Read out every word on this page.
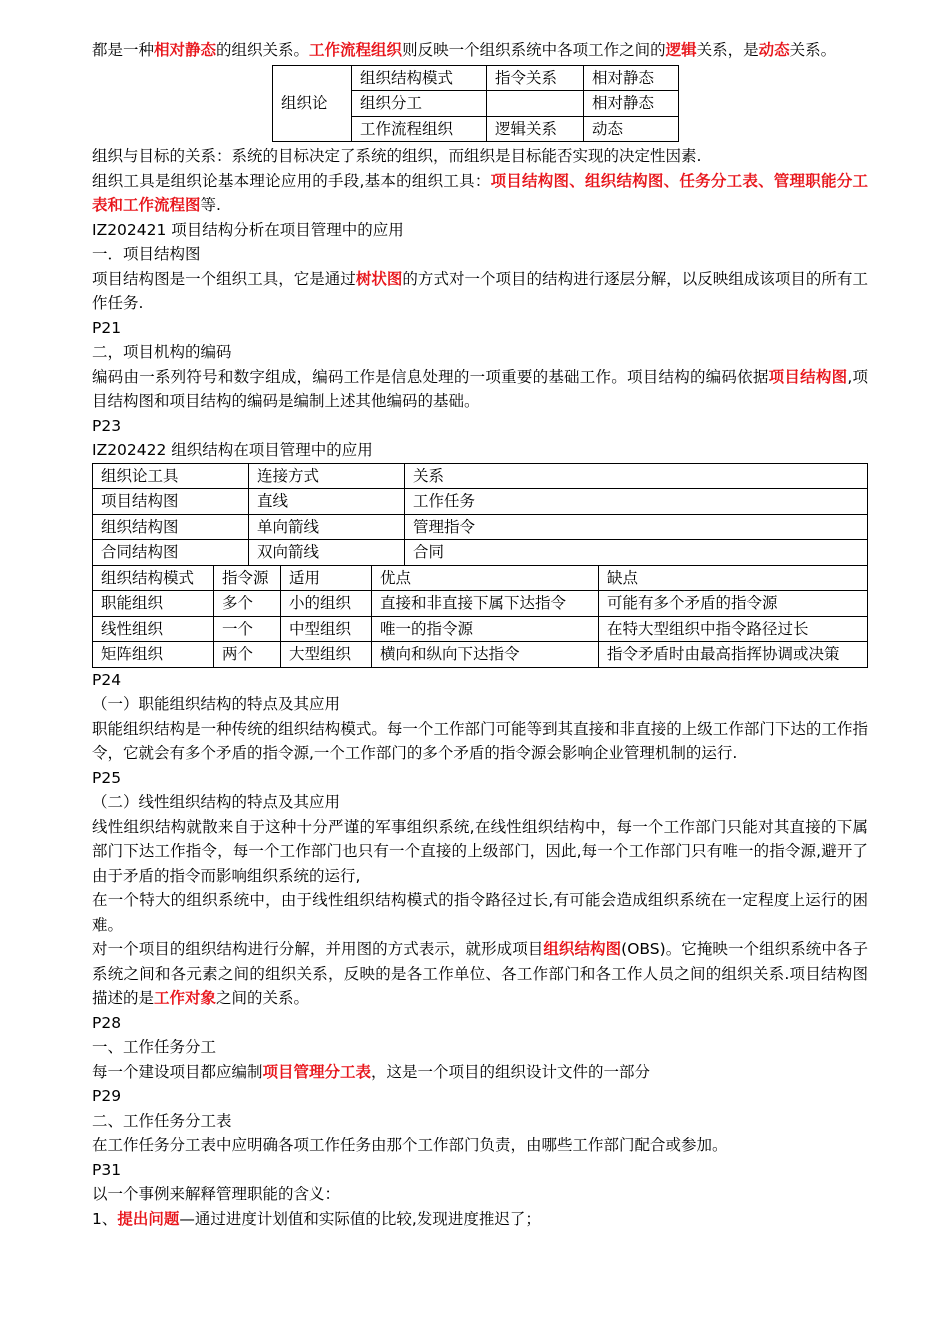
都是一种相对静态的组织关系。工作流程组织则反映一个组织系统中各项工作之间的逻辑关系，是动态关系。

组织论	组织结构模式	指令关系	相对静态
	组织分工		相对静态
	工作流程组织	逻辑关系	动态

组织与目标的关系：系统的目标决定了系统的组织，而组织是目标能否实现的决定性因素.

组织工具是组织论基本理论应用的手段,基本的组织工具：项目结构图、组织结构图、任务分工表、管理职能分工表和工作流程图等.

IZ202421 项目结构分析在项目管理中的应用

一．项目结构图

项目结构图是一个组织工具，它是通过树状图的方式对一个项目的结构进行逐层分解，以反映组成该项目的所有工作任务.

P21

二，项目机构的编码

编码由一系列符号和数字组成，编码工作是信息处理的一项重要的基础工作。项目结构的编码依据项目结构图,项目结构图和项目结构的编码是编制上述其他编码的基础。

P23

IZ202422 组织结构在项目管理中的应用

组织论工具	连接方式	关系
项目结构图	直线	工作任务
组织结构图	单向箭线	管理指令
合同结构图	双向箭线	合同
组织结构模式	指令源	适用	优点	缺点
职能组织	多个	小的组织	直接和非直接下属下达指令	可能有多个矛盾的指令源
线性组织	一个	中型组织	唯一的指令源	在特大型组织中指令路径过长
矩阵组织	两个	大型组织	横向和纵向下达指令	指令矛盾时由最高指挥协调或决策

P24

（一）职能组织结构的特点及其应用

职能组织结构是一种传统的组织结构模式。每一个工作部门可能等到其直接和非直接的上级工作部门下达的工作指令，它就会有多个矛盾的指令源,一个工作部门的多个矛盾的指令源会影响企业管理机制的运行.

P25

（二）线性组织结构的特点及其应用

线性组织结构就散来自于这种十分严谨的军事组织系统,在线性组织结构中，每一个工作部门只能对其直接的下属部门下达工作指令，每一个工作部门也只有一个直接的上级部门，因此,每一个工作部门只有唯一的指令源,避开了由于矛盾的指令而影响组织系统的运行,

在一个特大的组织系统中，由于线性组织结构模式的指令路径过长,有可能会造成组织系统在一定程度上运行的困难。

对一个项目的组织结构进行分解，并用图的方式表示，就形成项目组织结构图(OBS)。它掩映一个组织系统中各子系统之间和各元素之间的组织关系，反映的是各工作单位、各工作部门和各工作人员之间的组织关系.项目结构图描述的是工作对象之间的关系。

P28

一、工作任务分工

每一个建设项目都应编制项目管理分工表，这是一个项目的组织设计文件的一部分

P29

二、工作任务分工表

在工作任务分工表中应明确各项工作任务由那个工作部门负责，由哪些工作部门配合或参加。

P31

以一个事例来解释管理职能的含义：

1、提出问题—通过进度计划值和实际值的比较,发现进度推迟了；
